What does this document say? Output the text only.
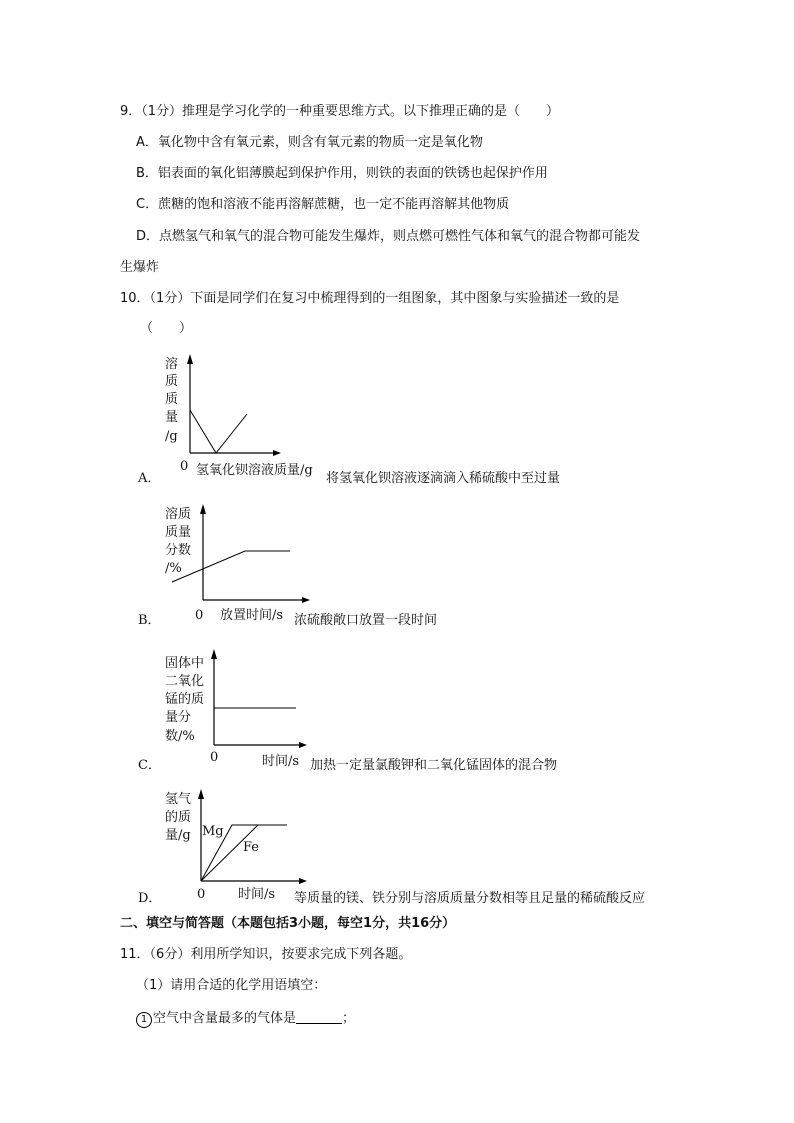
9．（1分）推理是学习化学的一种重要思维方式。以下推理正确的是（　　）
A．氧化物中含有氧元素，则含有氧元素的物质一定是氧化物
B．铝表面的氧化铝薄膜起到保护作用，则铁的表面的铁锈也起保护作用
C．蔗糖的饱和溶液不能再溶解蔗糖，也一定不能再溶解其他物质
D．点燃氢气和氧气的混合物可能发生爆炸，则点燃可燃性气体和氧气的混合物都可能发
生爆炸
10．（1分）下面是同学们在复习中梳理得到的一组图象，其中图象与实验描述一致的是
（　　）
溶
质
质
量
/g
0 氢氧化钡溶液质量/g
将氢氧化钡溶液逐滴滴入稀硫酸中至过量
A．
溶质
质量
分数
/%
0 放置时间/s 浓硫酸敞口放置一段时间
B．
固体中
二氧化
锰的质
量分
数/%
0	时间/s 加热一定量氯酸钾和二氧化锰固体的混合物
C．
氢气
的质
量/g Mg
Fe
0	时间/s 等质量的镁、铁分别与溶质质量分数相等且足量的稀硫酸反应
D．
二、填空与简答题（本题包括3小题，每空1分，共16分）
11．（6分）利用所学知识，按要求完成下列各题。
（1）请用合适的化学用语填空：
1 空气中含量最多的气体是	；
